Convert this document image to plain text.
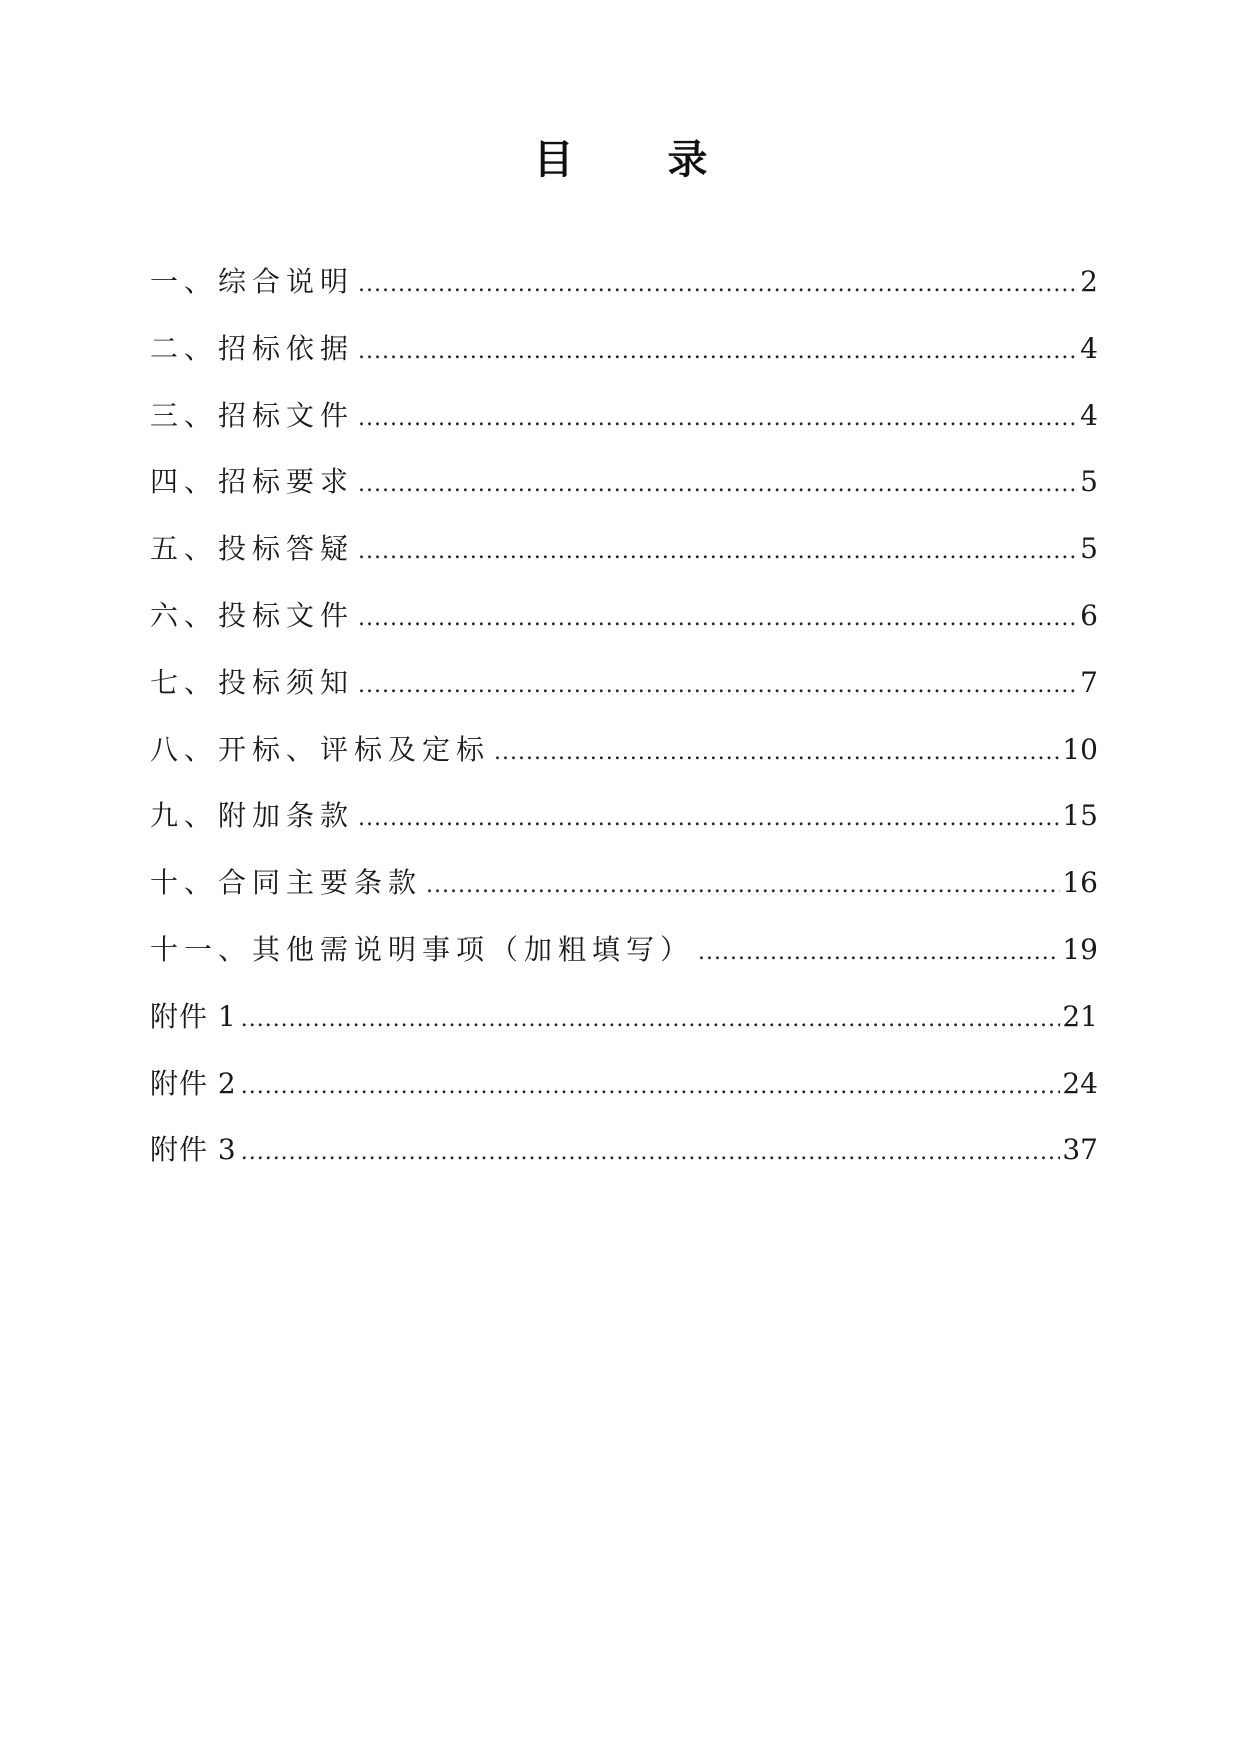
目 录
一、综合说明 .....	2
二、招标依据 .....	4
三、招标文件 .....	4
四、招标要求 .....	5
五、投标答疑 .....	5
六、投标文件 .....	6
七、投标须知 .....	7
八、开标、评标及定标 .....	10
九、附加条款 .....	15
十、合同主要条款 .....	16
十一、其他需说明事项（加粗填写） .....	19
附件 1 .....	21
附件 2 .....	24
附件 3 .....	37
